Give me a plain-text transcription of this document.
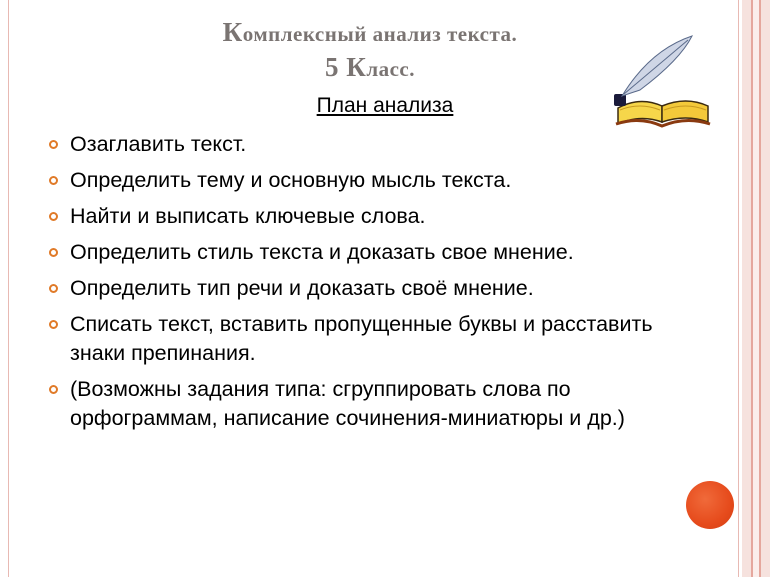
Комплексный анализ текста.
5 Класс.
План анализа
Озаглавить текст.
Определить тему и основную мысль текста.
Найти и выписать ключевые слова.
Определить стиль текста и доказать свое мнение.
Определить тип речи и доказать своё мнение.
Списать текст, вставить пропущенные буквы и расставить знаки препинания.
(Возможны задания типа: сгруппировать слова по орфограммам, написание сочинения-миниатюры и др.)
